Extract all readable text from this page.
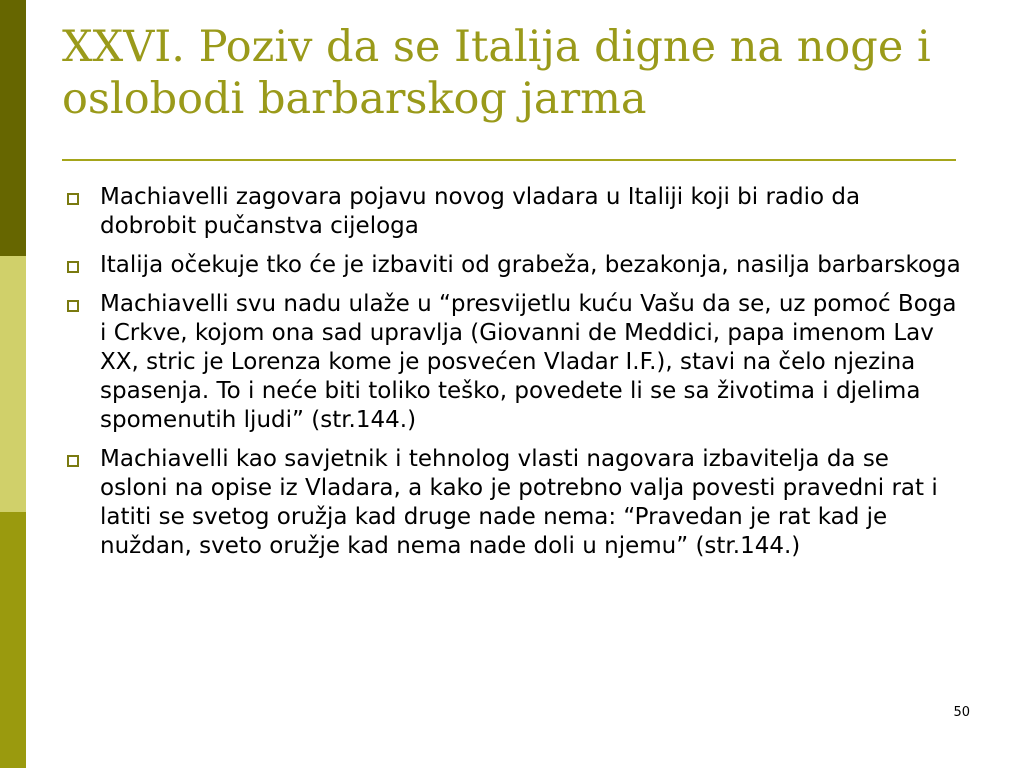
XXVI. Poziv da se Italija digne na noge i oslobodi barbarskog jarma
Machiavelli zagovara pojavu novog vladara u Italiji koji bi radio da dobrobit pučanstva cijeloga
Italija očekuje tko će je izbaviti od grabeža, bezakonja, nasilja barbarskoga
Machiavelli svu nadu ulaže u “presvijetlu kuću Vašu da se, uz pomoć Boga i Crkve, kojom ona sad upravlja (Giovanni de Meddici, papa imenom Lav XX, stric je Lorenza kome je posvećen Vladar I.F.), stavi na čelo njezina spasenja. To i neće biti toliko teško, povedete li se sa životima i djelima spomenutih ljudi” (str.144.)
Machiavelli kao savjetnik i tehnolog vlasti nagovara izbavitelja da se osloni na opise iz Vladara, a kako je potrebno valja povesti pravedni rat i latiti se svetog oružja kad druge nade nema: “Pravedan je rat kad je nuždan, sveto oružje kad nema nade doli u njemu” (str.144.)
50
